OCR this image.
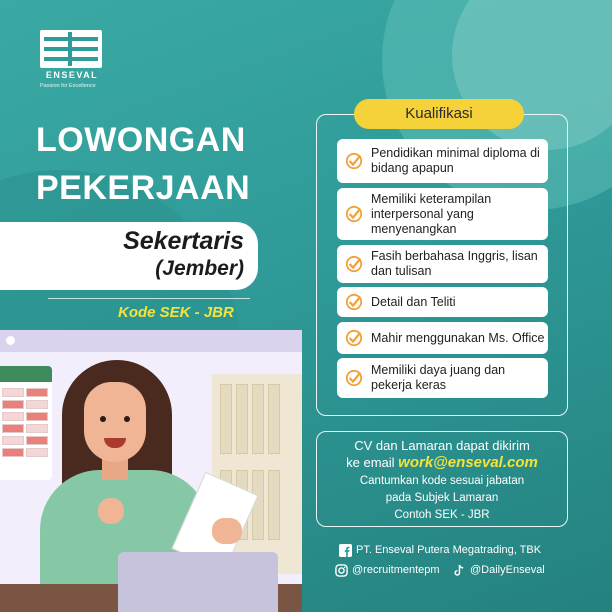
ENSEVAL
Passion for Excellence
LOWONGAN
PEKERJAAN
Sekertaris
(Jember)
Kode SEK - JBR
Kualifikasi
Pendidikan minimal diploma di bidang apapun
Memiliki keterampilan interpersonal yang menyenangkan
Fasih berbahasa Inggris, lisan dan tulisan
Detail dan Teliti
Mahir menggunakan Ms. Office
Memiliki daya juang dan pekerja keras
CV dan Lamaran dapat dikirim
ke email work@enseval.com
Cantumkan kode sesuai jabatan
pada Subjek Lamaran
Contoh SEK - JBR
PT. Enseval Putera Megatrading, TBK
@recruitmentepm	@DailyEnseval
